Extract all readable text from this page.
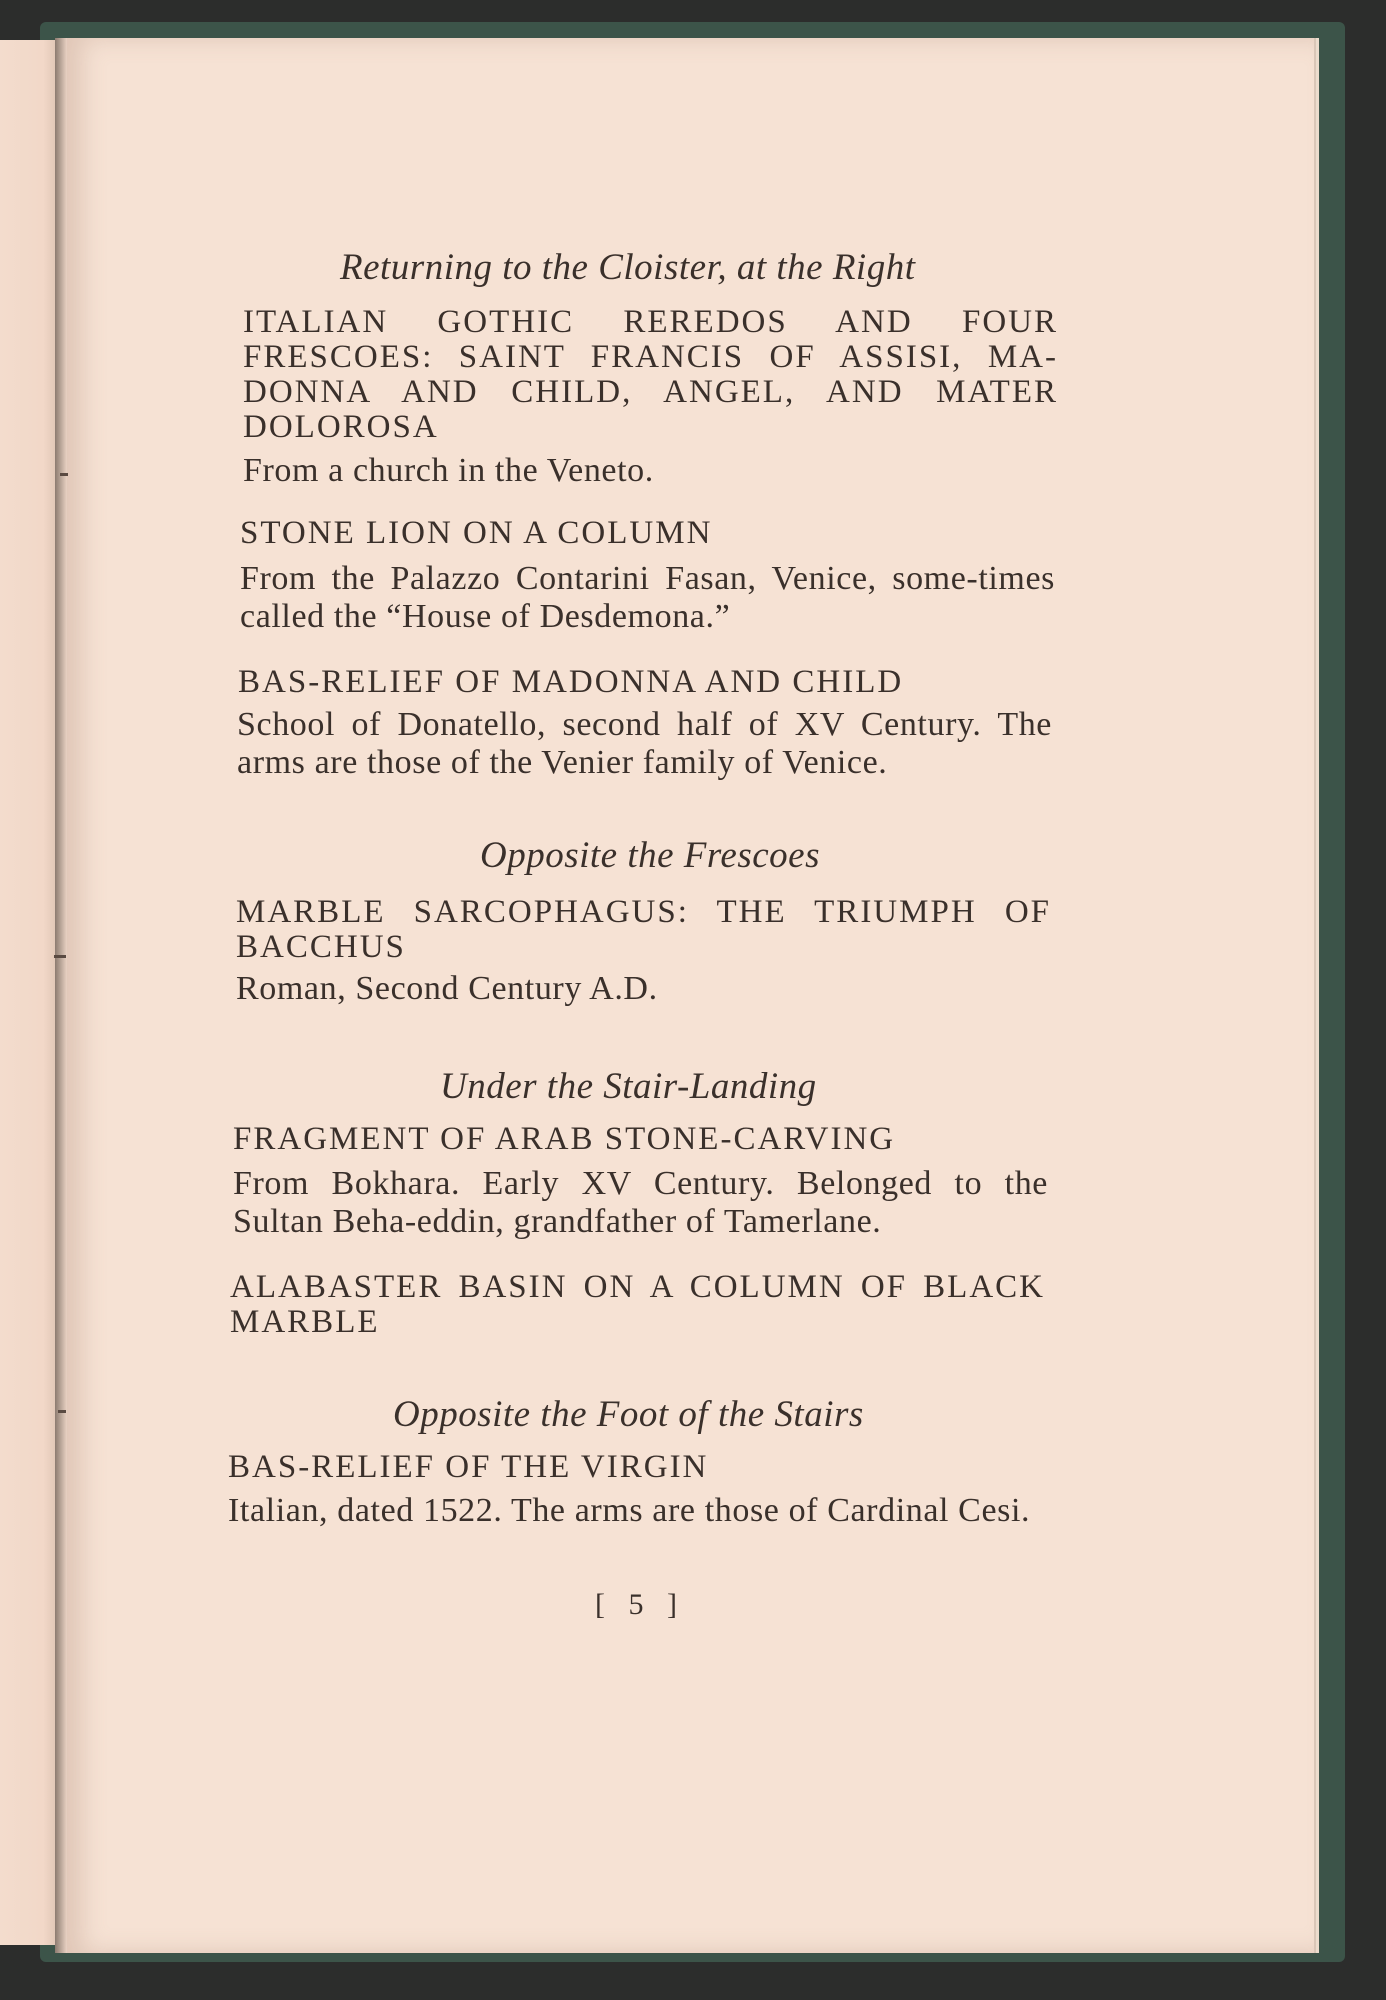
Returning to the Cloister, at the Right
ITALIAN GOTHIC REREDOS AND FOUR FRESCOES: SAINT FRANCIS OF ASSISI, MA-DONNA AND CHILD, ANGEL, AND MATER DOLOROSA
From a church in the Veneto.
STONE LION ON A COLUMN
From the Palazzo Contarini Fasan, Venice, some-times called the “House of Desdemona.”
BAS-RELIEF OF MADONNA AND CHILD
School of Donatello, second half of XV Century. The arms are those of the Venier family of Venice.
Opposite the Frescoes
MARBLE SARCOPHAGUS: THE TRIUMPH OF BACCHUS
Roman, Second Century A.D.
Under the Stair-Landing
FRAGMENT OF ARAB STONE-CARVING
From Bokhara. Early XV Century. Belonged to the Sultan Beha-eddin, grandfather of Tamerlane.
ALABASTER BASIN ON A COLUMN OF BLACK MARBLE
Opposite the Foot of the Stairs
BAS-RELIEF OF THE VIRGIN
Italian, dated 1522. The arms are those of Cardinal Cesi.
[ 5 ]
